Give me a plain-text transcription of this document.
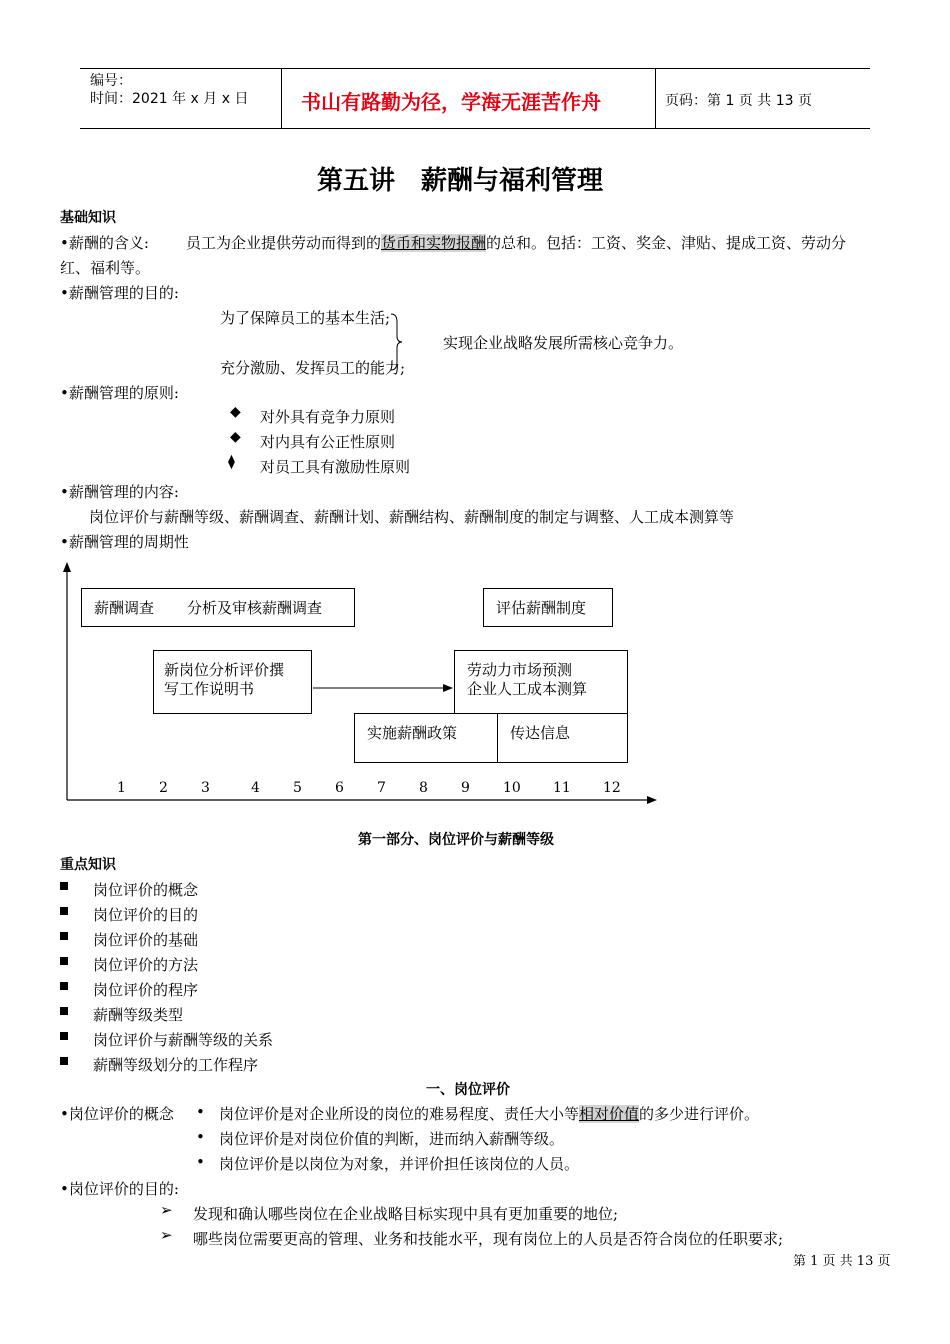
编号：
时间：2021 年 x 月 x 日	书山有路勤为径，学海无涯苦作舟	页码：第 1 页 共 13 页
第五讲　薪酬与福利管理
基础知识
•薪酬的含义: 员工为企业提供劳动而得到的货币和实物报酬的总和。包括：工资、奖金、津贴、提成工资、劳动分
红、福利等。
•薪酬管理的目的:
为了保障员工的基本生活;
充分激励、发挥员工的能力;
实现企业战略发展所需核心竞争力。
•薪酬管理的原则:
◆ 对外具有竞争力原则
◆ 对内具有公正性原则
⧫ 对员工具有激励性原则
•薪酬管理的内容:
岗位评价与薪酬等级、薪酬调查、薪酬计划、薪酬结构、薪酬制度的制定与调整、人工成本测算等
•薪酬管理的周期性
薪酬调查 分析及审核薪酬调查	评估薪酬制度
新岗位分析评价撰
写工作说明书
劳动力市场预测
企业人工成本测算
实施薪酬政策	传达信息
1 2 3	4 5 6 7 8 9 10 11 12
第一部分、岗位评价与薪酬等级
重点知识
岗位评价的概念
岗位评价的目的
岗位评价的基础
岗位评价的方法
岗位评价的程序
薪酬等级类型
岗位评价与薪酬等级的关系
薪酬等级划分的工作程序
一、岗位评价
•岗位评价的概念 • 岗位评价是对企业所设的岗位的难易程度、责任大小等相对价值的多少进行评价。
• 岗位评价是对岗位价值的判断，进而纳入薪酬等级。
• 岗位评价是以岗位为对象，并评价担任该岗位的人员。
•岗位评价的目的:
➢ 发现和确认哪些岗位在企业战略目标实现中具有更加重要的地位;
➢ 哪些岗位需要更高的管理、业务和技能水平，现有岗位上的人员是否符合岗位的任职要求;
第 1 页 共 13 页
